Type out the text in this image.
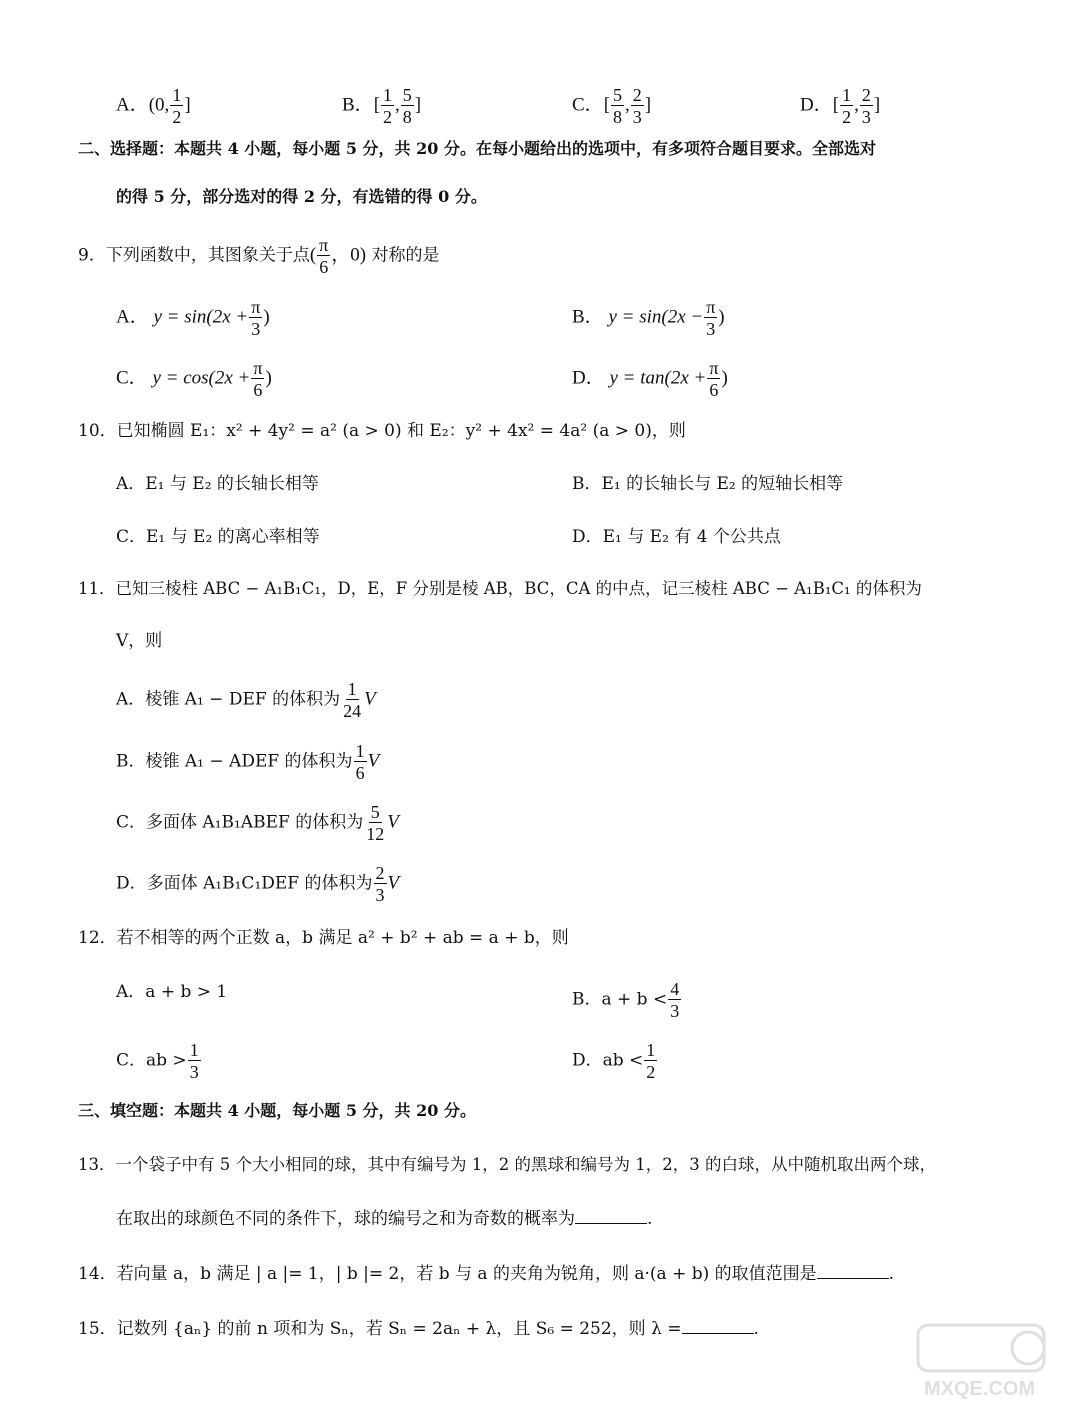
A．(0, $\frac{1}{2}$ ]	B．[ $\frac{1}{2}$ , $\frac{5}{8}$ ]	C．[ $\frac{5}{8}$ , $\frac{2}{3}$ ]	D．[ $\frac{1}{2}$ , $\frac{2}{3}$ ]
二、选择题：本题共 4 小题，每小题 5 分，共 20 分。在每小题给出的选项中，有多项符合题目要求。全部选对
的得 5 分，部分选对的得 2 分，有选错的得 0 分。
9．下列函数中，其图象关于点( $\frac{\pi}{6}$ ，0) 对称的是
A． $y = \sin(2x + \frac{\pi}{3}$ )	B． $y = \sin(2x - \frac{\pi}{3}$ )
C． $y = \cos(2x + \frac{\pi}{6}$ )	D． $y = \tan(2x + \frac{\pi}{6}$ )
10．已知椭圆 E₁：x² + 4y² = a² (a > 0) 和 E₂：y² + 4x² = 4a² (a > 0)，则
A．E₁ 与 E₂ 的长轴长相等	B．E₁ 的长轴长与 E₂ 的短轴长相等
C．E₁ 与 E₂ 的离心率相等	D．E₁ 与 E₂ 有 4 个公共点
11．已知三棱柱 ABC − A₁B₁C₁，D，E，F 分别是棱 AB，BC，CA 的中点，记三棱柱 ABC − A₁B₁C₁ 的体积为
V，则
A．棱锥 A₁ − DEF 的体积为 $\frac{1}{24}$ V
B．棱锥 A₁ − ADEF 的体积为 $\frac{1}{6}$ V
C．多面体 A₁B₁ABEF 的体积为 $\frac{5}{12}$ V
D．多面体 A₁B₁C₁DEF 的体积为 $\frac{2}{3}$ V
12．若不相等的两个正数 a，b 满足 a² + b² + ab = a + b，则
A．a + b > 1	B．$a + b < \frac{4}{3}$
C．ab > $\frac{1}{3}$	D．ab < $\frac{1}{2}$
三、填空题：本题共 4 小题，每小题 5 分，共 20 分。
13．一个袋子中有 5 个大小相同的球，其中有编号为 1，2 的黑球和编号为 1，2，3 的白球，从中随机取出两个球，
在取出的球颜色不同的条件下，球的编号之和为奇数的概率为	.
14．若向量 a，b 满足 | a |= 1，| b |= 2，若 b 与 a 的夹角为锐角，则 a·(a + b) 的取值范围是	.
15．记数列 {aₙ} 的前 n 项和为 Sₙ，若 Sₙ = 2aₙ + λ，且 S₆ = 252，则 λ =	.
MXQE.COM
